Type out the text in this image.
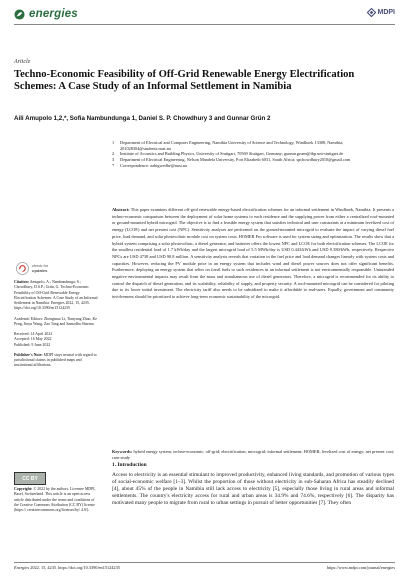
energies	MDPI
Article
Techno-Economic Feasibility of Off-Grid Renewable Energy Electrification Schemes: A Case Study of an Informal Settlement in Namibia
Aili Amupolo 1,2,*, Sofia Nambundunga 1, Daniel S. P. Chowdhury 3 and Gunnar Grün 2
1	Department of Electrical and Computer Engineering, Namibia University of Science and Technology, Windhoek 13388, Namibia; 201028304@students.nust.na
2	Institute of Acoustics and Building Physics, University of Stuttgart, 70569 Stuttgart, Germany; gunnar.gruen@ibp.uni-stuttgart.de
3	Department of Electrical Engineering, Nelson Mandela University, Port Elizabeth 6031, South Africa; spchowdhury2010@gmail.com
*	Correspondence: aabigwedhe@nust.na
Abstract: This paper examines different off-grid renewable energy-based electrification schemes for an informal settlement in Windhoek, Namibia. It presents a techno-economic comparison between the deployment of solar home systems to each residence and the supplying power from either a centralized roof-mounted or ground-mounted hybrid microgrid. The objective is to find a feasible energy system that satisfies technical and user constraints at a minimum levelized cost of energy (LCOE) and net present cost (NPC). Sensitivity analyses are performed on the ground-mounted microgrid to evaluate the impact of varying diesel fuel price, load demand, and solar photovoltaic module cost on system costs. HOMER Pro software is used for system sizing and optimization. The results show that a hybrid system comprising a solar photovoltaic, a diesel generator, and batteries offers the lowest NPC and LCOE for both electrification schemes. The LCOE for the smallest residential load of 1.7 kWh/day and the largest microgrid load of 5.5 MWh/day is USD 0.443/kWh and USD 0.380/kWh, respectively. Respective NPCs are USD 4738 and USD 90.8 million. A sensitivity analysis reveals that variation in the fuel price and load demand changes linearly with system costs and capacities. However, reducing the PV module price in an energy system that includes wind and diesel power sources does not offer significant benefits. Furthermore, deploying an energy system that relies on fossil fuels to such residences in an informal settlement is not environmentally responsible. Unintended negative environmental impacts may result from the mass and simultaneous use of diesel generators. Therefore, a microgrid is recommended for its ability to control the dispatch of diesel generation, and its scalability, reliability of supply, and property security. A roof-mounted microgrid can be considered for piloting due to its lower initial investment. The electricity tariff also needs to be subsidized to make it affordable to end-users. Equally, government and community involvement should be prioritized to achieve long-term economic sustainability of the microgrid.
Keywords: hybrid energy system; techno-economic; off-grid; electrification; microgrid; informal settlement; HOMER; levelized cost of energy; net present cost; case study
1. Introduction
Access to electricity is an essential stimulant to improved productivity, enhanced living standards, and promotion of various types of social-economic welfare [1–3]. Whilst the proportion of those without electricity in sub-Saharan Africa has steadily declined [4], about 45% of the people in Namibia still lack access to electricity [5], especially those living in rural areas and informal settlements. The country's electricity access for rural and urban areas is 34.9% and 74.6%, respectively [6]. The disparity has motivated many people to migrate from rural to urban settings in pursuit of better opportunities [7]. They often
check for
updates
Citation: Amupolo, A.; Nambundunga, S.; Chowdhury, D.S.P.; Grün, G. Techno-Economic Feasibility of Off-Grid Renewable Energy Electrification Schemes: A Case Study of an Informal Settlement in Namibia. Energies 2022, 15, 4235. https://doi.org/10.3390/en15124235
Academic Editors: Zhengmao Li, Tianyang Zhao, Ke Peng, Jinyu Wang, Zao Tang and Samodha Sharma
Received: 14 April 2022
Accepted: 16 May 2022
Published: 9 June 2022
Publisher's Note: MDPI stays neutral with regard to jurisdictional claims in published maps and institutional affiliations.
CC BY
Copyright: © 2022 by the authors. Licensee MDPI, Basel, Switzerland. This article is an open access article distributed under the terms and conditions of the Creative Commons Attribution (CC BY) license (https:// creativecommons.org/licenses/by/ 4.0/).
Energies 2022, 15, 4235. https://doi.org/10.3390/en15124235	https://www.mdpi.com/journal/energies
